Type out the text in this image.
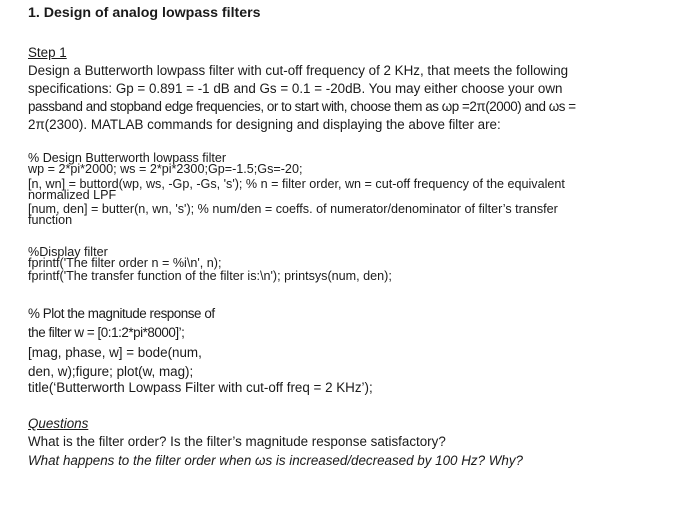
1. Design of analog lowpass filters
Step 1
Design a Butterworth lowpass filter with cut-off frequency of 2 KHz, that meets the following
specifications: Gp = 0.891 = -1 dB and Gs = 0.1 = -20dB. You may either choose your own
passband and stopband edge frequencies, or to start with, choose them as ωp =2π(2000) and ωs =
2π(2300). MATLAB commands for designing and displaying the above filter are:
% Design Butterworth lowpass filter
wp = 2*pi*2000; ws = 2*pi*2300;Gp=-1.5;Gs=-20;
[n, wn] = buttord(wp, ws, -Gp, -Gs, 's'); % n = filter order, wn = cut-off frequency of the equivalent
normalized LPF
[num, den] = butter(n, wn, 's'); % num/den = coeffs. of numerator/denominator of filter’s transfer
function
%Display filter
fprintf('The filter order n = %i\n', n);
fprintf('The transfer function of the filter is:\n'); printsys(num, den);
% Plot the magnitude response of
the filter w = [0:1:2*pi*8000]’;
[mag, phase, w] = bode(num,
den, w);figure; plot(w, mag);
title(‘Butterworth Lowpass Filter with cut-off freq = 2 KHz’);
Questions
What is the filter order? Is the filter’s magnitude response satisfactory?
What happens to the filter order when ωs is increased/decreased by 100 Hz? Why?
